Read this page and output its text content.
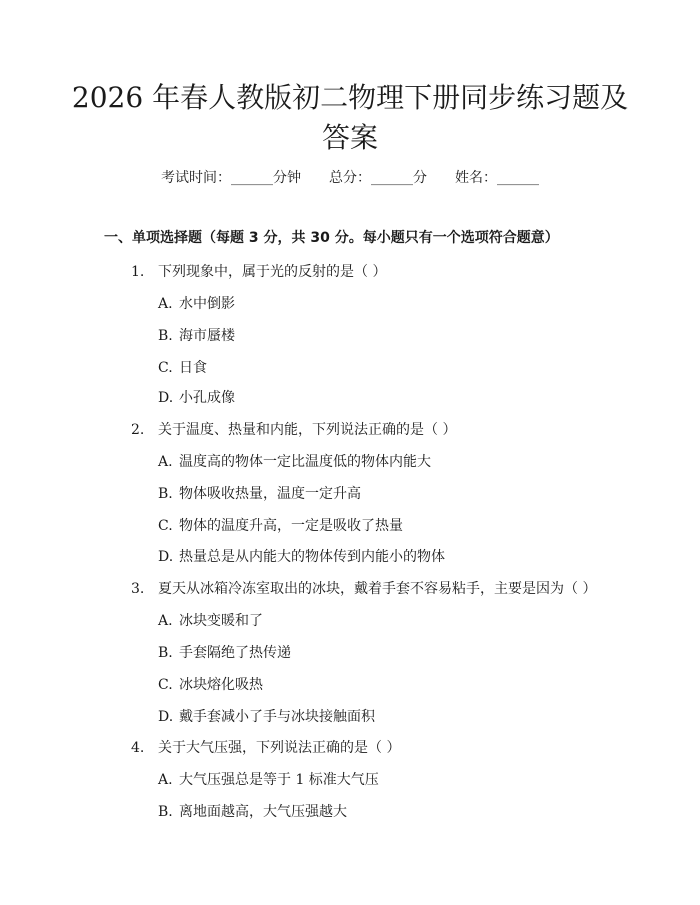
2026 年春人教版初二物理下册同步练习题及
答案
考试时间：______分钟 总分：______分 姓名：______
一、单项选择题（每题 3 分，共 30 分。每小题只有一个选项符合题意）
1. 下列现象中，属于光的反射的是（ ）
A. 水中倒影
B. 海市蜃楼
C. 日食
D. 小孔成像
2. 关于温度、热量和内能，下列说法正确的是（ ）
A. 温度高的物体一定比温度低的物体内能大
B. 物体吸收热量，温度一定升高
C. 物体的温度升高，一定是吸收了热量
D. 热量总是从内能大的物体传到内能小的物体
3. 夏天从冰箱冷冻室取出的冰块，戴着手套不容易粘手，主要是因为（ ）
A. 冰块变暖和了
B. 手套隔绝了热传递
C. 冰块熔化吸热
D. 戴手套减小了手与冰块接触面积
4. 关于大气压强，下列说法正确的是（ ）
A. 大气压强总是等于 1 标准大气压
B. 离地面越高，大气压强越大
